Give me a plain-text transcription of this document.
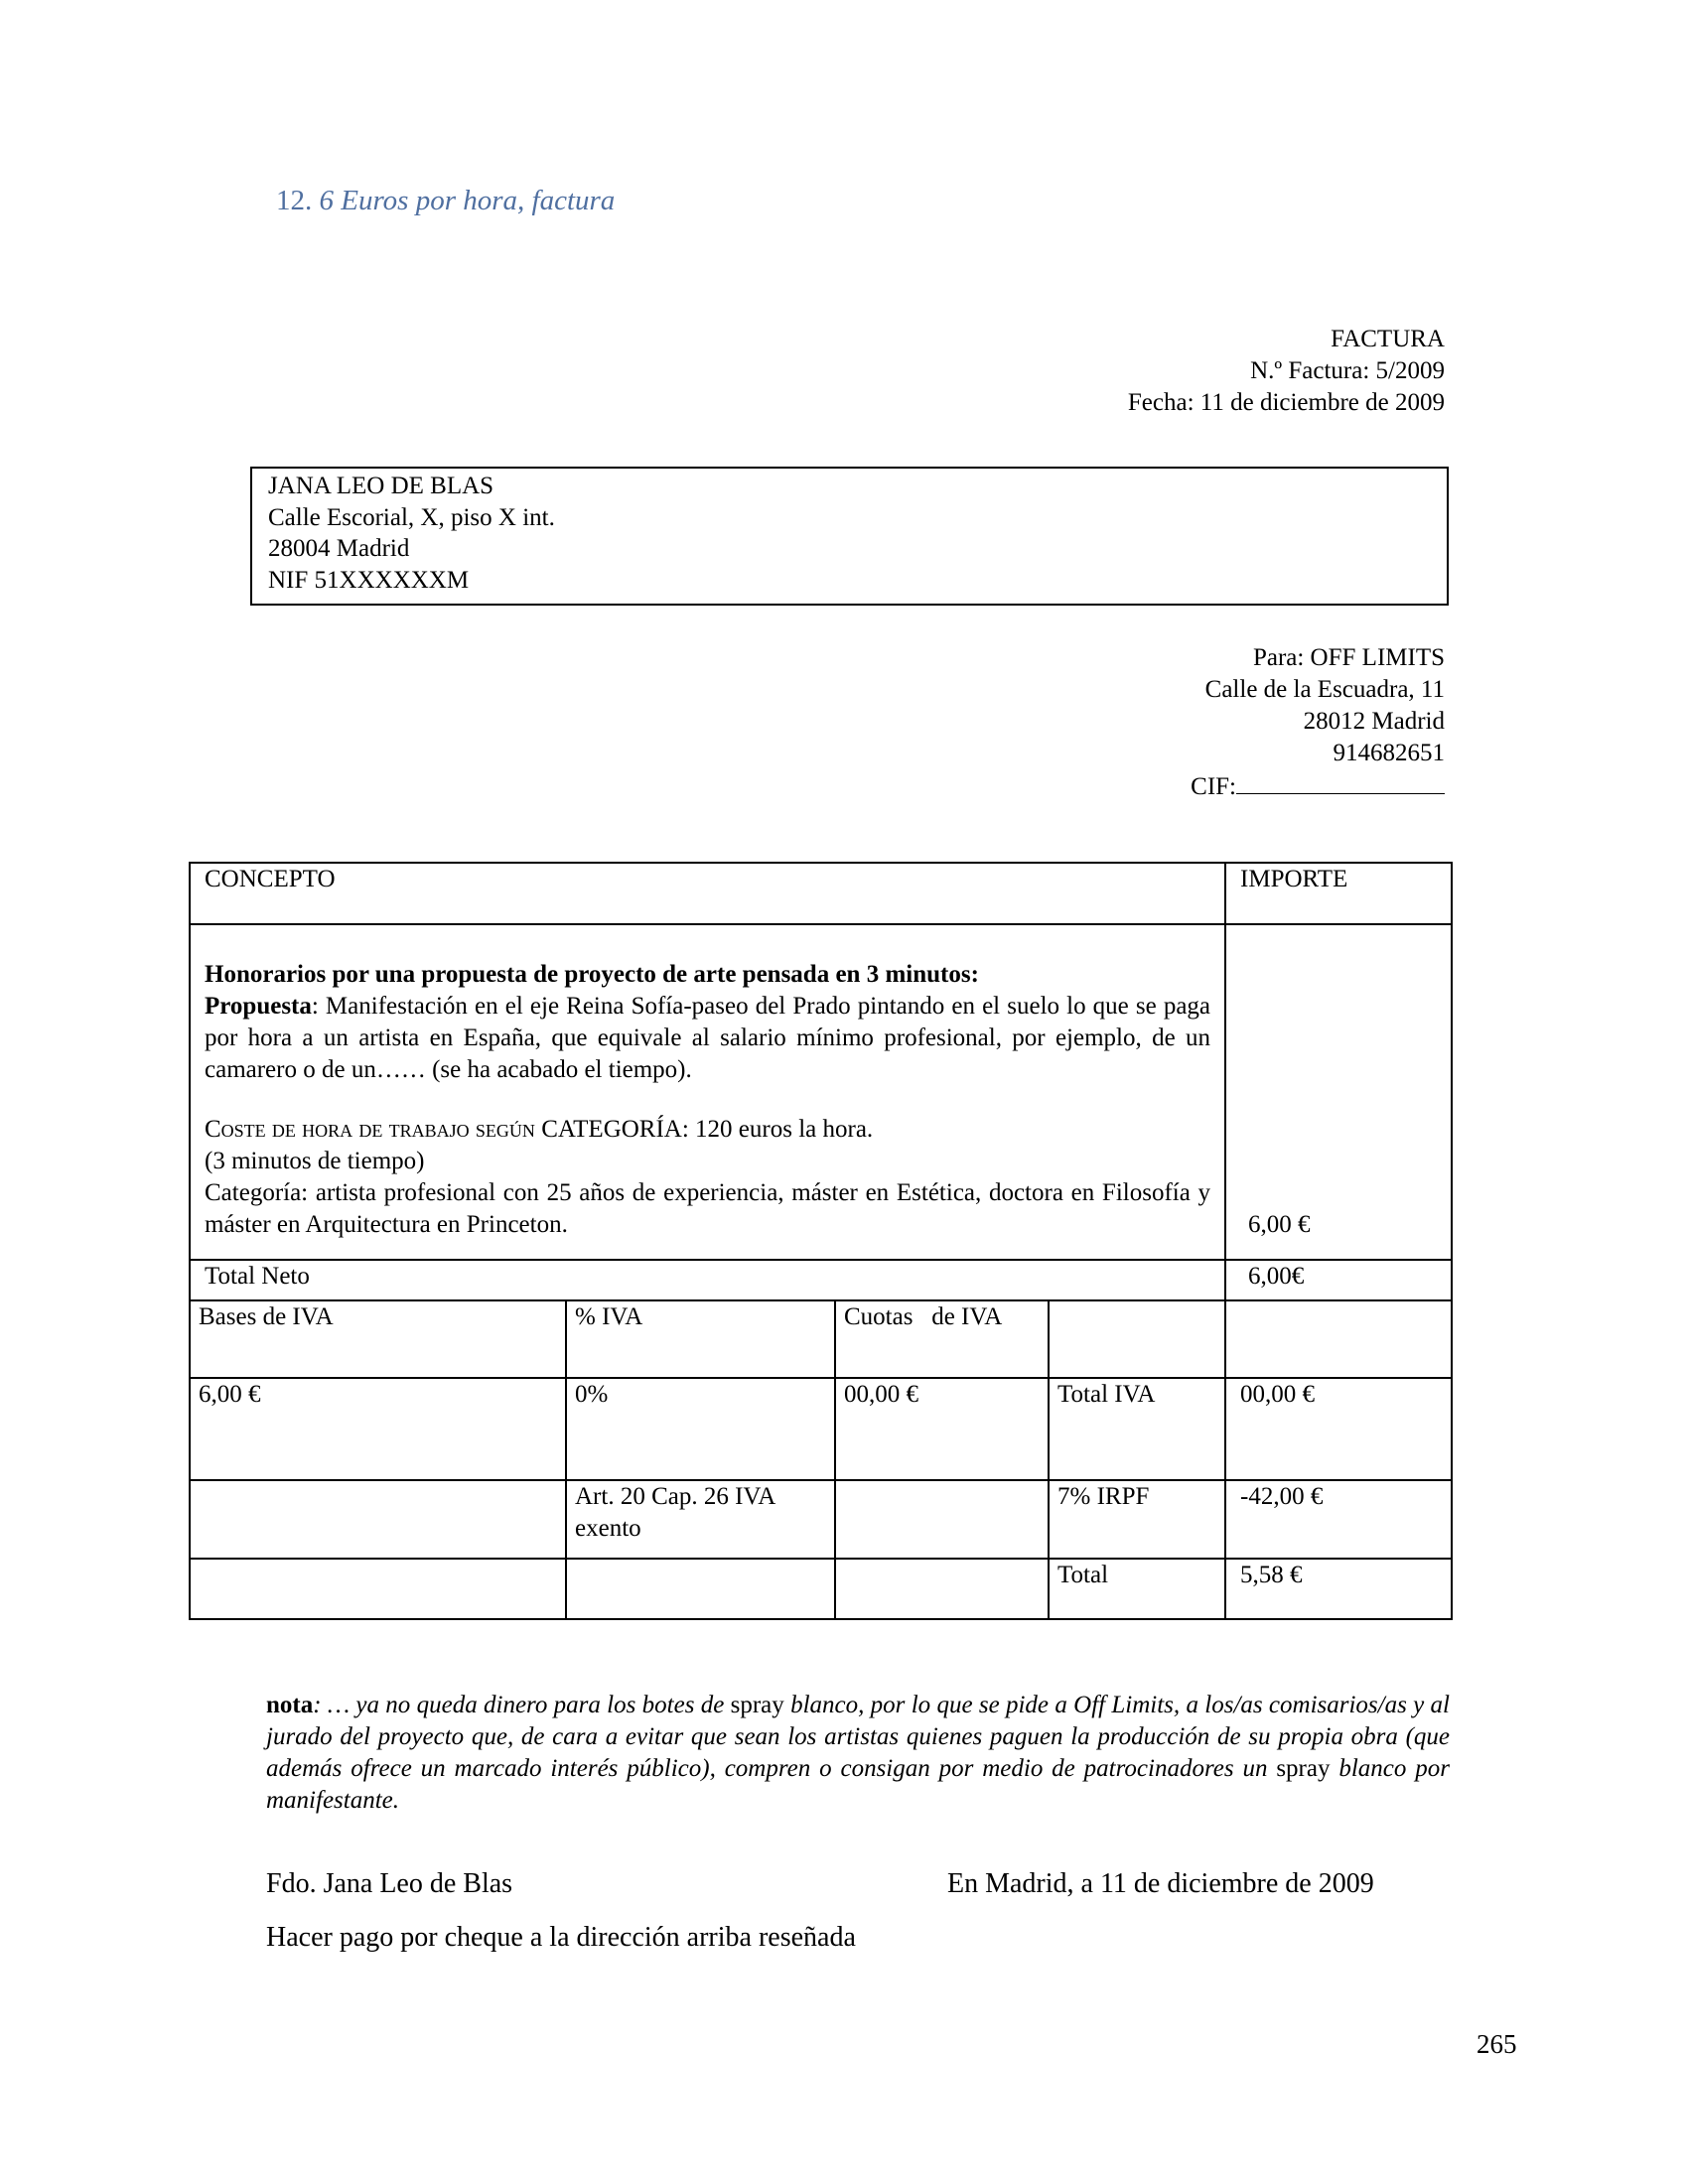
12. 6 Euros por hora, factura
FACTURA
N.º Factura: 5/2009
Fecha: 11 de diciembre de 2009
JANA LEO DE BLAS
Calle Escorial, X, piso X int.
28004 Madrid
NIF 51XXXXXXM
Para: OFF LIMITS
Calle de la Escuadra, 11
28012 Madrid
914682651
CIF:
CONCEPTO				IMPORTE

Honorarios por una propuesta de proyecto de arte pensada en 3 minutos:

Propuesta: Manifestación en el eje Reina Sofía-paseo del Prado pintando en el suelo lo que se paga por hora a un artista en España, que equivale al salario mínimo profesional, por ejemplo, de un camarero o de un…… (se ha acabado el tiempo).

Coste de hora de trabajo según CATEGORÍA: 120 euros la hora.

(3 minutos de tiempo)

Categoría: artista profesional con 25 años de experiencia, máster en Estética, doctora en Filosofía y máster en Arquitectura en Princeton.				6,00 €
Total Neto				6,00€
Bases de IVA	% IVA	Cuotas   de IVA		
6,00 €	0%	00,00 €	Total IVA	00,00 €
	Art. 20 Cap. 26 IVA exento		7% IRPF	-42,00 €
			Total	5,58 €
nota: … ya no queda dinero para los botes de spray blanco, por lo que se pide a Off Limits, a los/as comisarios/as y al jurado del proyecto que, de cara a evitar que sean los artistas quienes paguen la producción de su propia obra (que además ofrece un marcado interés público), compren o consigan por medio de patrocinadores un spray blanco por manifestante.
Fdo. Jana Leo de Blas	En Madrid, a 11 de diciembre de 2009
Hacer pago por cheque a la dirección arriba reseñada
265
